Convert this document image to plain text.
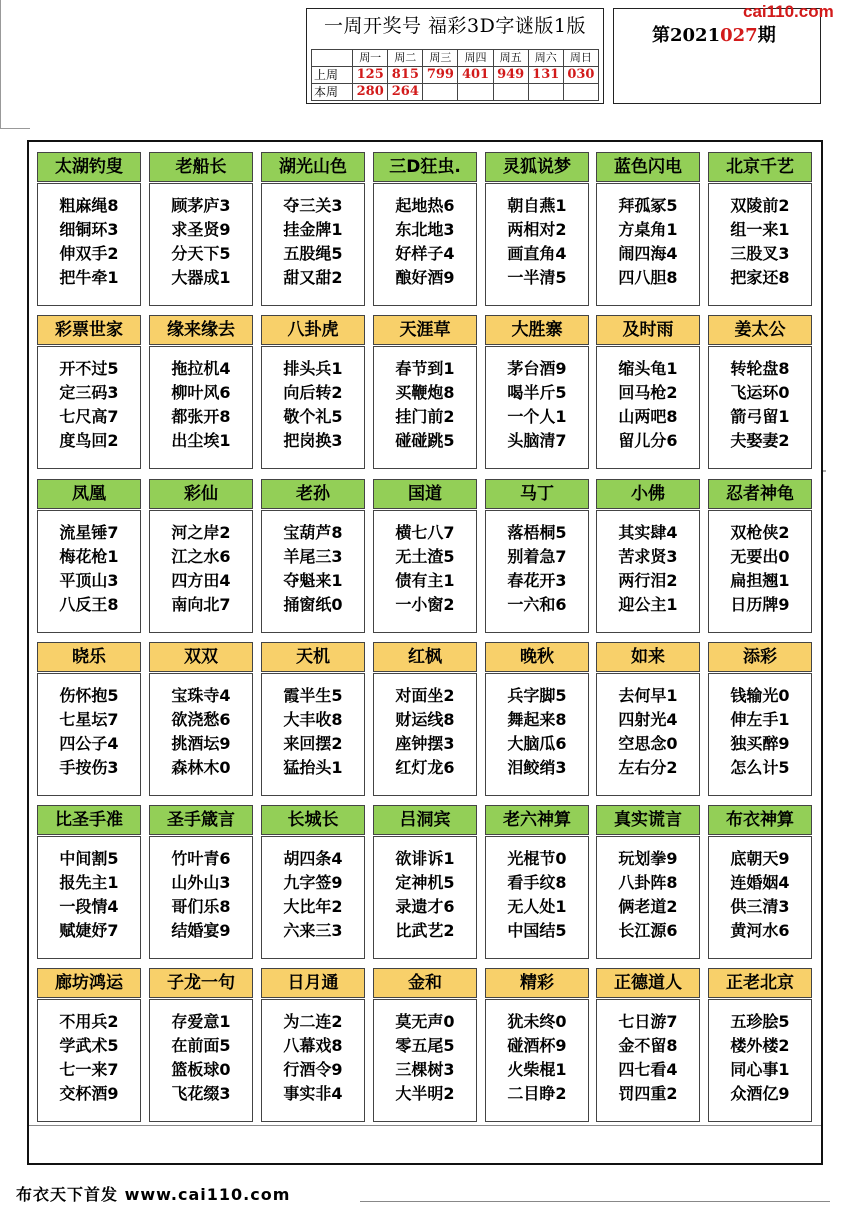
一周开奖号 福彩3D字谜版1版
	周一	周二	周三	周四	周五	周六	周日
上周	125	815	799	401	949	131	030
本周	280	264					
第2021027期
cai110.com
太湖钓叟
粗麻绳8
细铜环3
伸双手2
把牛牵1
老船长
顾茅庐3
求圣贤9
分天下5
大器成1
湖光山色
夺三关3
挂金牌1
五股绳5
甜又甜2
三D狂虫.
起地热6
东北地3
好样子4
酿好酒9
灵狐说梦
朝自燕1
两相对2
画直角4
一半清5
蓝色闪电
拜孤冢5
方桌角1
闹四海4
四八胆8
北京千艺
双陵前2
组一来1
三股叉3
把家还8
彩票世家
开不过5
定三码3
七尺高7
度鸟回2
缘来缘去
拖拉机4
柳叶风6
都张开8
出尘埃1
八卦虎
排头兵1
向后转2
敬个礼5
把岗换3
天涯草
春节到1
买鞭炮8
挂门前2
碰碰跳5
大胜寨
茅台酒9
喝半斤5
一个人1
头脑清7
及时雨
缩头龟1
回马枪2
山两吧8
留儿分6
姜太公
转轮盘8
飞运环0
箭弓留1
夫娶妻2
凤凰
流星锤7
梅花枪1
平顶山3
八反王8
彩仙
河之岸2
江之水6
四方田4
南向北7
老孙
宝葫芦8
羊尾三3
夺魁来1
捅窗纸0
国道
横七八7
无土渣5
债有主1
一小窗2
马丁
落梧桐5
别着急7
春花开3
一六和6
小佛
其实肆4
苦求贤3
两行泪2
迎公主1
忍者神龟
双枪侠2
无要出0
扁担翘1
日历牌9
晓乐
伤怀抱5
七星坛7
四公子4
手按伤3
双双
宝珠寺4
欲浇愁6
挑酒坛9
森林木0
天机
霞半生5
大丰收8
来回摆2
猛抬头1
红枫
对面坐2
财运线8
座钟摆3
红灯龙6
晚秋
兵字脚5
舞起来8
大脑瓜6
泪鲛绡3
如来
去何早1
四射光4
空思念0
左右分2
添彩
钱输光0
伸左手1
独买醉9
怎么计5
比圣手准
中间割5
报先主1
一段情4
赋婕妤7
圣手箴言
竹叶青6
山外山3
哥们乐8
结婚宴9
长城长
胡四条4
九字签9
大比年2
六来三3
吕洞宾
欲诽诉1
定神机5
录遗才6
比武艺2
老六神算
光棍节0
看手纹8
无人处1
中国结5
真实谎言
玩划拳9
八卦阵8
俩老道2
长江源6
布衣神算
底朝天9
连婚姻4
供三清3
黄河水6
廊坊鸿运
不用兵2
学武术5
七一来7
交杯酒9
子龙一句
存爱意1
在前面5
篮板球0
飞花缀3
日月通
为二连2
八幕戏8
行酒令9
事实非4
金和
莫无声0
零五尾5
三棵树3
大半明2
精彩
犹未终0
碰酒杯9
火柴棍1
二目睁2
正德道人
七日游7
金不留8
四七看4
罚四重2
正老北京
五珍脍5
楼外楼2
同心事1
众酒亿9
布衣天下首发 www.cai110.com
